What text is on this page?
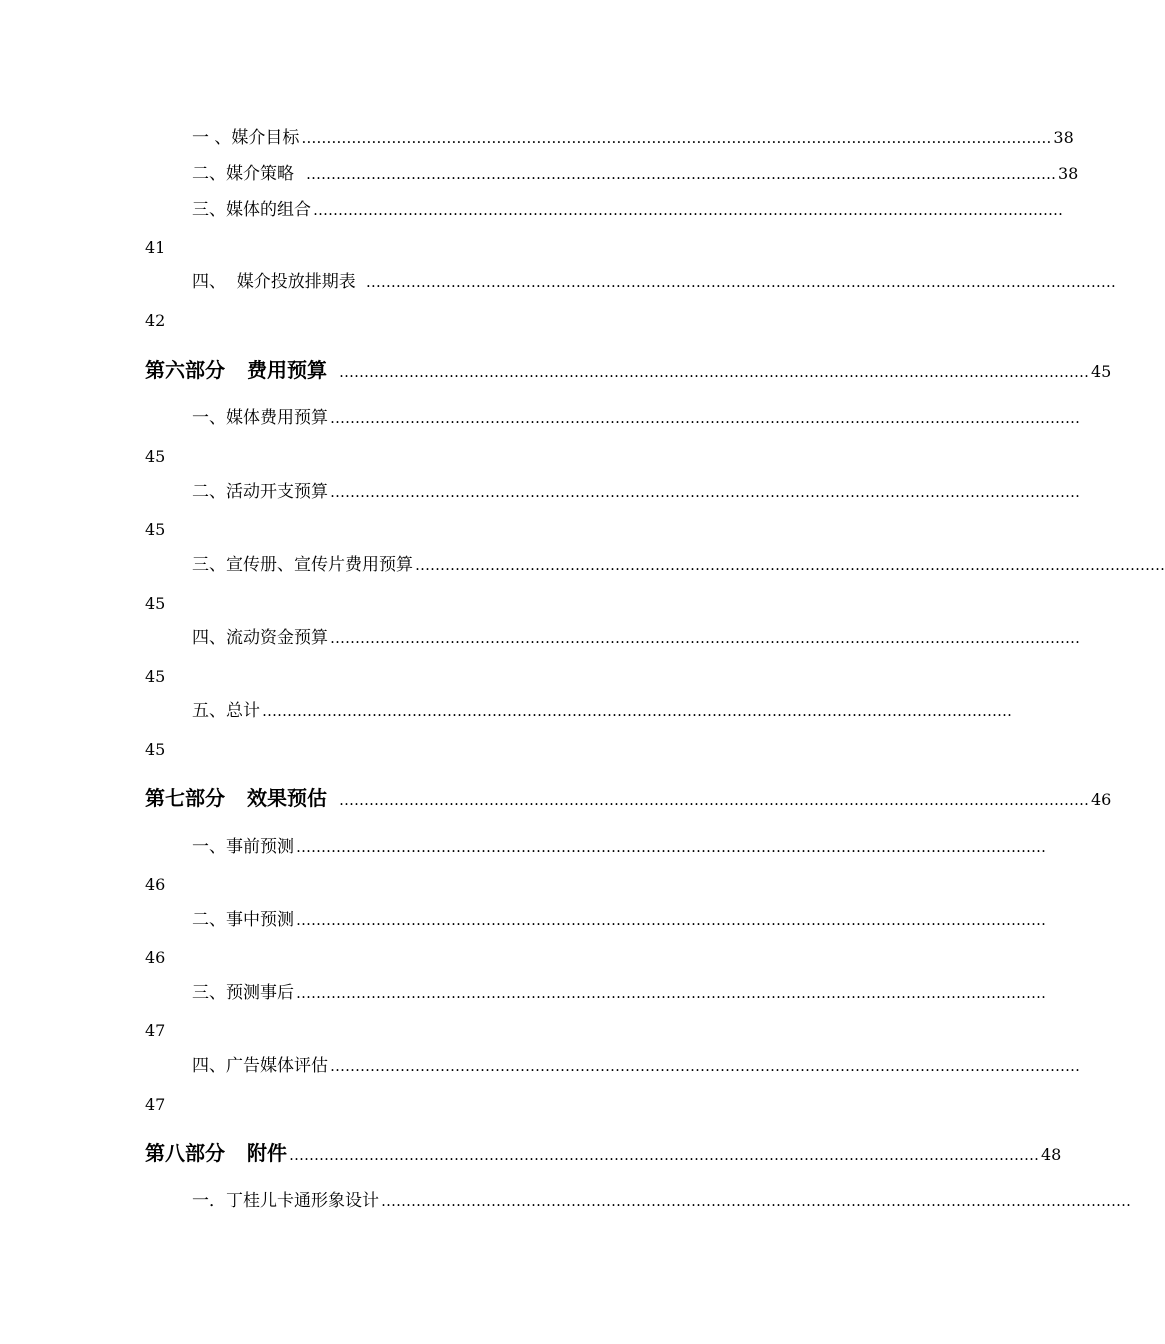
一 、媒介目标 …………………………………………………………………………………………………………………………………… 38
二、媒介策略 …………………………………………………………………………………………………………………………………… 38
三、媒体的组合 ……………………………………………………………………………………………………………………………………
41
四、  媒介投放排期表 ……………………………………………………………………………………………………………………………………
42
第六部分 费用预算 …………………………………………………………………………………………………………………………………… 45
一、媒体费用预算 ……………………………………………………………………………………………………………………………………
45
二、活动开支预算 ……………………………………………………………………………………………………………………………………
45
三、宣传册、宣传片费用预算 ……………………………………………………………………………………………………………………………………
45
四、流动资金预算 ……………………………………………………………………………………………………………………………………
45
五、总计 ……………………………………………………………………………………………………………………………………
45
第七部分 效果预估 …………………………………………………………………………………………………………………………………… 46
一、事前预测 ……………………………………………………………………………………………………………………………………
46
二、事中预测 ……………………………………………………………………………………………………………………………………
46
三、预测事后 ……………………………………………………………………………………………………………………………………
47
四、广告媒体评估 ……………………………………………………………………………………………………………………………………
47
第八部分 附件 …………………………………………………………………………………………………………………………………… 48
一．丁桂儿卡通形象设计 ……………………………………………………………………………………………………………………………………
